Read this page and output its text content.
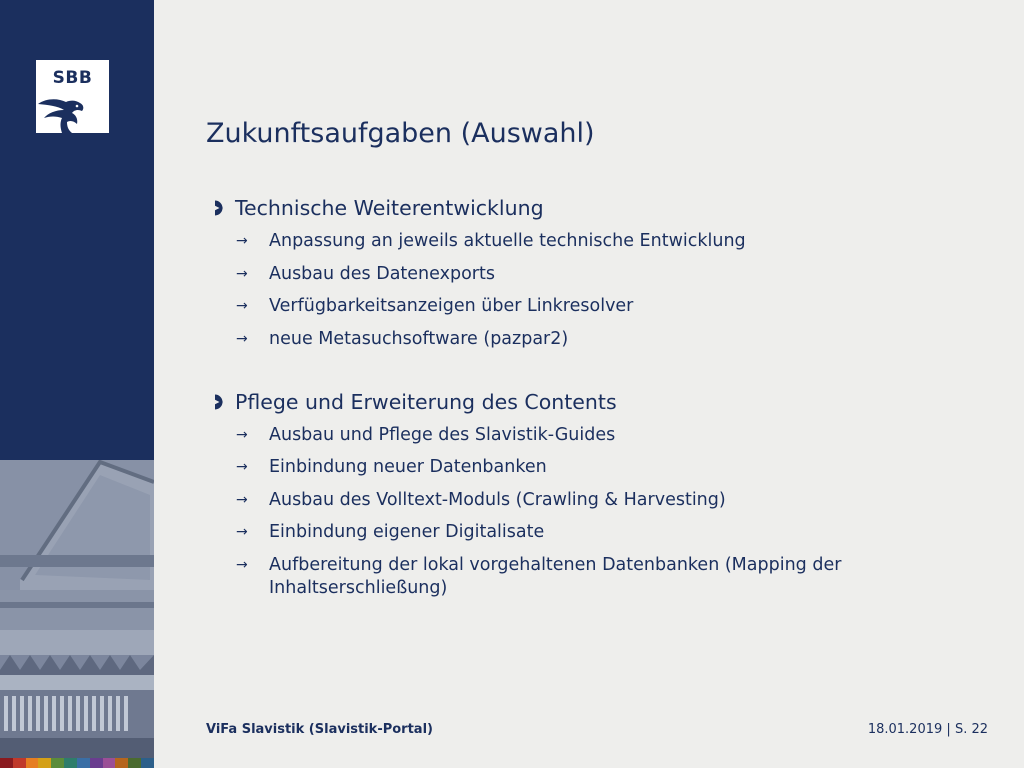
SBB
Zukunftsaufgaben (Auswahl)
Technische Weiterentwicklung
→	Anpassung an jeweils aktuelle technische Entwicklung
→	Ausbau des Datenexports
→	Verfügbarkeitsanzeigen über Linkresolver
→	neue Metasuchsoftware (pazpar2)
Pflege und Erweiterung des Contents
→	Ausbau und Pflege des Slavistik-Guides
→	Einbindung neuer Datenbanken
→	Ausbau des Volltext-Moduls (Crawling & Harvesting)
→	Einbindung eigener Digitalisate
→	Aufbereitung der lokal vorgehaltenen Datenbanken (Mapping der Inhaltserschließung)
ViFa Slavistik (Slavistik-Portal)	18.01.2019 | S. 22
